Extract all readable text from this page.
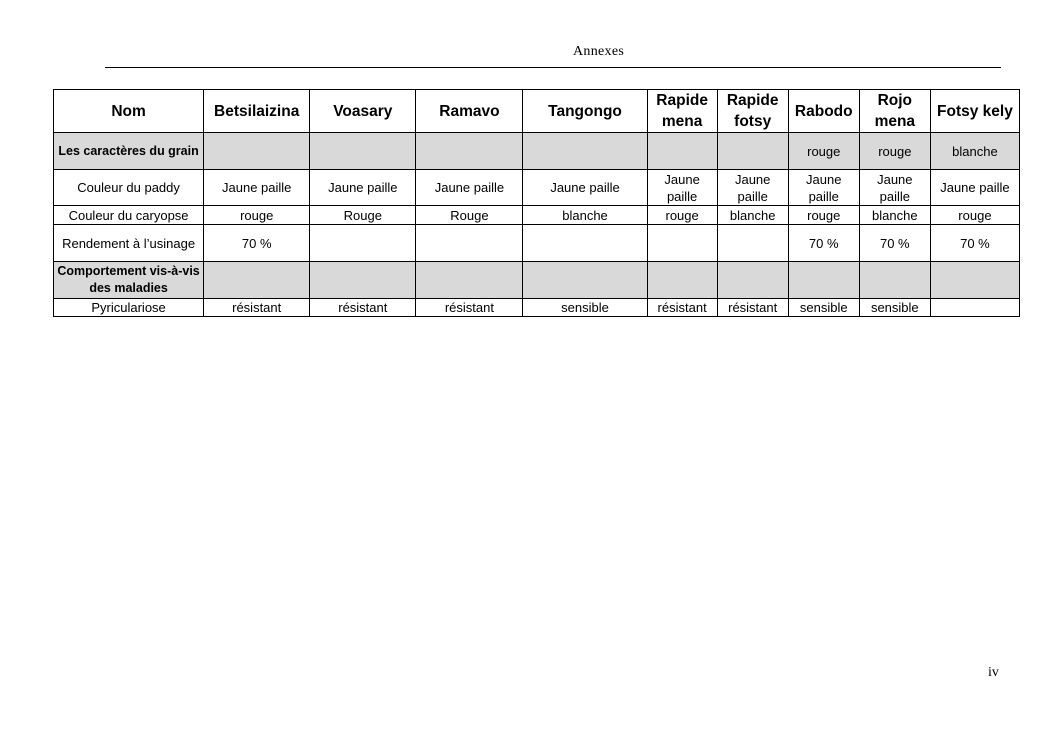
Annexes
Nom	Betsilaizina	Voasary	Ramavo	Tangongo	Rapide mena	Rapide fotsy	Rabodo	Rojo mena	Fotsy kely
Les caractères du grain							rouge	rouge	blanche
Couleur du paddy	Jaune paille	Jaune paille	Jaune paille	Jaune paille	Jaune paille	Jaune paille	Jaune paille	Jaune paille	Jaune paille
Couleur du caryopse	rouge	Rouge	Rouge	blanche	rouge	blanche	rouge	blanche	rouge
Rendement à l’usinage	70 %						70 %	70 %	70 %
Comportement vis-à-vis des maladies									
Pyriculariose	résistant	résistant	résistant	sensible	résistant	résistant	sensible	sensible	
iv
